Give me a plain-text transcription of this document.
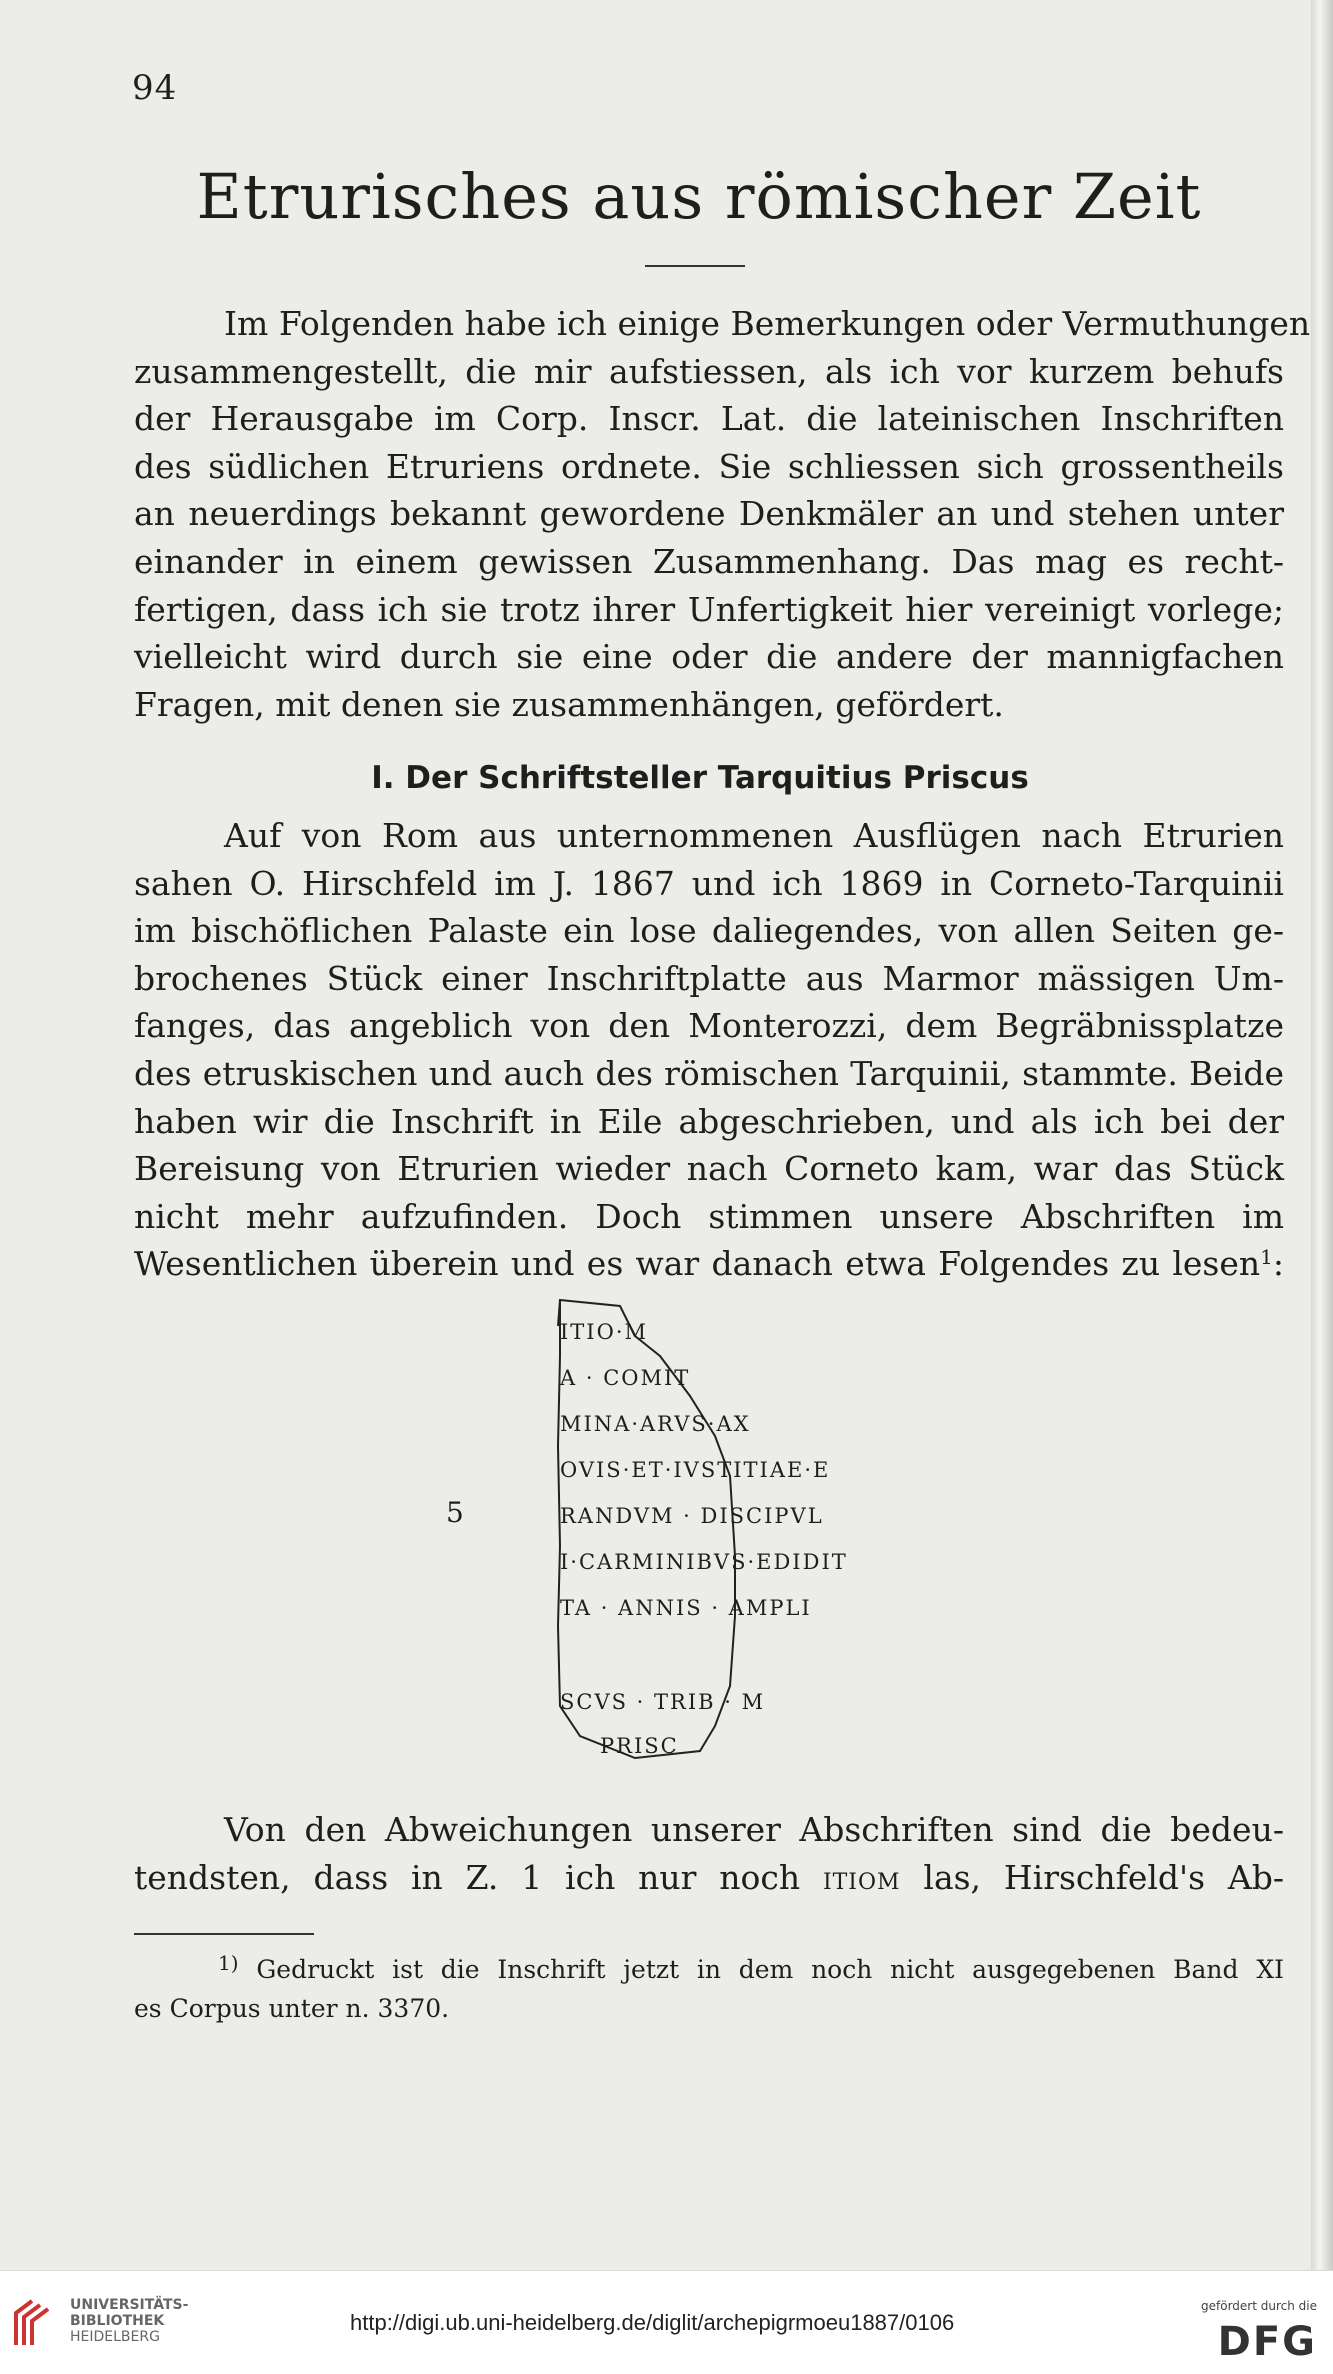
94
Etrurisches aus römischer Zeit
Im Folgenden habe ich einige Bemerkungen oder Vermuthungen
zusammengestellt, die mir aufstiessen, als ich vor kurzem behufs
der Herausgabe im Corp. Inscr. Lat. die lateinischen Inschriften
des südlichen Etruriens ordnete. Sie schliessen sich grossentheils
an neuerdings bekannt gewordene Denkmäler an und stehen unter
einander in einem gewissen Zusammenhang. Das mag es recht-
fertigen, dass ich sie trotz ihrer Unfertigkeit hier vereinigt vorlege;
vielleicht wird durch sie eine oder die andere der mannigfachen
Fragen, mit denen sie zusammenhängen, gefördert.
I. Der Schriftsteller Tarquitius Priscus
Auf von Rom aus unternommenen Ausflügen nach Etrurien
sahen O. Hirschfeld im J. 1867 und ich 1869 in Corneto-Tarquinii
im bischöflichen Palaste ein lose daliegendes, von allen Seiten ge-
brochenes Stück einer Inschriftplatte aus Marmor mässigen Um-
fanges, das angeblich von den Monterozzi, dem Begräbnissplatze
des etruskischen und auch des römischen Tarquinii, stammte. Beide
haben wir die Inschrift in Eile abgeschrieben, und als ich bei der
Bereisung von Etrurien wieder nach Corneto kam, war das Stück
nicht mehr aufzufinden. Doch stimmen unsere Abschriften im
Wesentlichen überein und es war danach etwa Folgendes zu lesen$^1$:
5
ITIO·M
A · COMIT
MINA·ARVS·AX
OVIS·ET·IVSTITIAE·E
RANDVM · DISCIPVL
I·CARMINIBVS·EDIDIT
TA · ANNIS · AMPLI
SCVS · TRIB · M
PRISC
Von den Abweichungen unserer Abschriften sind die bedeu-
tendsten, dass in Z. 1 ich nur noch ITIOM las, Hirschfeld's Ab-
$^{1)}$ Gedruckt ist die Inschrift jetzt in dem noch nicht ausgegebenen Band XI
es Corpus unter n. 3370.
UNIVERSITÄTS-
BIBLIOTHEK
HEIDELBERG
http://digi.ub.uni-heidelberg.de/diglit/archepigrmoeu1887/0106
gefördert durch die
DFG
